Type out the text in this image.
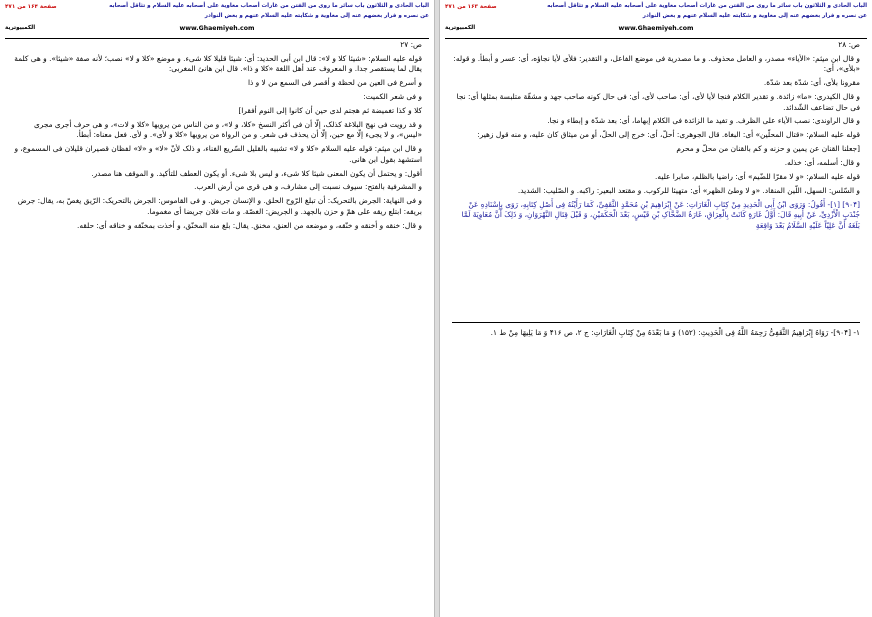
الباب الحادی و الثلاثون باب سائر ما روی من الفتن من غارات أصحاب معاویة علی أصحابه علیه السلام و تثاقل أصحابه عن نصره و فرار بعضهم عنه إلی معاویة و شکایته علیه السلام عنهم و بعض النوادر
صفحة ۱۶۴ من ۴۷۱
الکمبیوتریة	www.Ghaemiyeh.com

ص: ۲۷

قوله علیه السلام: «شیئا کلا و لا»: قال ابن أبی الحدید: أی: شیئا قلیلا کلا شیء. و موضع «کلا و لا» نصب؛ لأنه صفة «شیئا». و هی کلمة یقال لما یستقصر جدا. و المعروف عند أهل اللغة «کلا و ذا». قال ابن هانئ المغربی:

و أسرع فی العین من لحظة و أقصر فی السمع من لا و ذا

و فی شعر الکمیت:

کلا و کذا تغمیضة ثم هجتم لدی حین أن کانوا إلی النوم أفقرا]

و قد رویت فی نهج البلاغة کذلک، إلّا أن فی أکثر النسخ «کلا، و لا»، و من الناس من یرویها «کلا و لات»، و هی حرف أجری مجری «لیس»، و لا یجیء إلّا مع حین، إلّا أن یحذف فی شعر. و من الرواة من یرویها «کلا و لأی». و لأی. فعل معناه: أبطأ.

و قال ابن میثم: قوله علیه السلام «کلا و لا» تشبیه بالقلیل السّریع الفناء، و ذلک لأنّ «لا» و «لا» لفظان قصیران قلیلان فی المسموع، و استشهد بقول ابن هانی.

أقول: و یحتمل أن یکون المعنی شیئا کلا شیء، و لیس بلا شیء. أو یکون العطف للتأکید. و الموقف هنا مصدر.

و المشرفیة بالفتح: سیوف نسبت إلی مشارف، و هی قری من أرض العرب.

و فی النهایة: الجرض بالتحریک: أن تبلغ الرّوح الحلق. و الإنسان جریض. و فی القاموس: الجرض بالتحریک: الرّیق یغصّ به، یقال: جرض بریقه: ابتلع ریقه علی همّ و حزن بالجهد. و الجریض: الغصّة. و مات فلان جریضا أی مغموما.

و قال: خنقه و أخنقه و خنّقه، و موضعه من العنق، مخنق. یقال: بلغ منه المخنّق، و أخذت بمخنّقه و خناقه أی: حلقه.

الباب الحادی و الثلاثون باب سائر ما روی من الفتن من غارات أصحاب معاویة علی أصحابه علیه السلام و تثاقل أصحابه عن نصره و فرار بعضهم عنه إلی معاویة و شکایته علیه السلام عنهم و بعض النوادر
صفحة ۱۶۳ من ۴۷۱
الکمبیوتریة	www.Ghaemiyeh.com

ص: ۲۸

و قال ابن میثم: «الأیاء» مصدر، و العامل محذوف. و ما مصدریة فی موضع الفاعل، و التقدیر: فلأی لأیا نجاؤه، أی: عسر و أبطأ. و قوله: «بلأی»، أی:

مقرونا بلأی، أی: شدّة بعد شدّة.

و قال الکیدری: «ما» زائدة. و تقدیر الکلام فنجا لأیا لأی، أی: صاحب لأی، أی: فی حال کونه صاحب جهد و مشقّة متلبسة بمثلها أی: نجا فی حال تضاعف الشّدائد.

و قال الراوندی: نصب الأیاء علی الظرف. و تفید ما الزائدة فی الکلام إبهاما، أی: بعد شدّة و إبطاء و نجا.

قوله علیه السلام: «قتال المحلّین» أی: البغاة. قال الجوهری: أحلّ، أی: خرج إلی الحلّ، أو من میثاق کان علیه، و منه قول زهیر:

[جعلنا القنان عن یمین و حزنه و کم بالقنان من محلّ و محرم

و قال: أسلمه، أی: خذله.

قوله علیه السلام: «و لا مقرّا للضّیم» أی: راضیا بالظلم، صابرا علیه.

و السّلس: السهل، اللّین المنقاد. «و لا وطئ الظهر» أی: متهیئا للرکوب. و مقتعد البعیر: راکبه. و الصّلیب: الشدید.

[۹۰۴] [۱]- أَقُولُ: وَرَوَی ابْنُ أَبِی الْحَدِیدِ مِنْ کِتَابِ الْغَارَاتِ: عَنْ إِبْرَاهِیمَ بْنِ مُحَمَّدٍ الثَّقَفِیِّ، کَمَا رَأَیْتُهُ فِی أَصْلِ کِتَابِهِ، رَوَی بِإِسْنَادِهِ عَنْ جُنْدَبٍ الْأَزْدِیِّ، عَنْ أَبِیهِ قَالَ: أَوَّلُ غَارَةٍ کَانَتْ بِالْعِرَاقِ، غَارَةُ الضَّحَّاکِ بْنِ قَیْسٍ، بَعْدَ الْحَکَمَیْنِ، وَ قَبْلَ قِتَالِ النَّهْرَوَانِ، وَ ذَلِکَ أَنَّ مُعَاوِیَةَ لَمَّا بَلَغَهُ أَنَّ عَلِیّاً عَلَیْهِ السَّلَامُ بَعْدَ وَاقِعَةِ

۱- [۹۰۴]- رَوَاهُ إِبْرَاهِیمُ الثَّقَفِیُّ رَحِمَهُ اللَّهُ فِی الْحَدِیثِ: (۱۵۲) وَ مَا بَعْدَهُ مِنْ کِتَابِ الْغَارَاتِ: ج ۲، ص ۴۱۶ وَ مَا یَلِیهَا مِنْ ط ۱.
